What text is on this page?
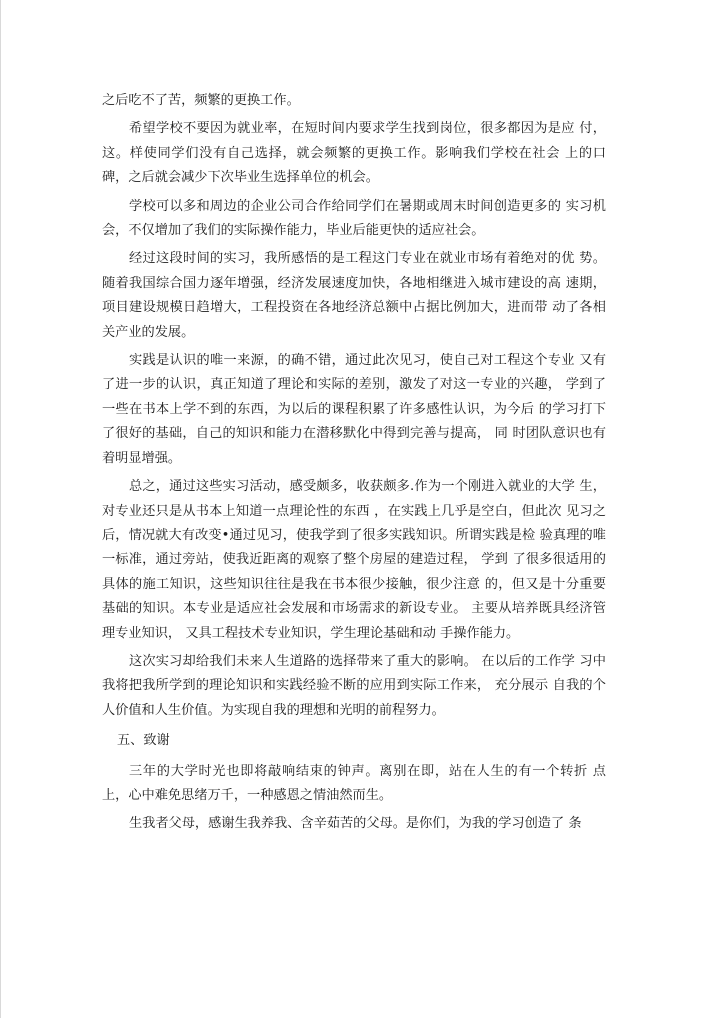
之后吃不了苦，频繁的更换工作。

希望学校不要因为就业率，在短时间内要求学生找到岗位，很多都因为是应 付，这。样使同学们没有自己选择，就会频繁的更换工作。影响我们学校在社会 上的口碑，之后就会减少下次毕业生选择单位的机会。

学校可以多和周边的企业公司合作给同学们在暑期或周末时间创造更多的 实习机会，不仅增加了我们的实际操作能力，毕业后能更快的适应社会。

经过这段时间的实习，我所感悟的是工程这门专业在就业市场有着绝对的优 势。随着我国综合国力逐年增强，经济发展速度加快，各地相继进入城市建设的高 速期，项目建设规模日趋增大，工程投资在各地经济总额中占据比例加大，进而带 动了各相关产业的发展。

实践是认识的唯一来源，的确不错，通过此次见习，使自己对工程这个专业 又有了进一步的认识，真正知道了理论和实际的差别，激发了对这一专业的兴趣， 学到了一些在书本上学不到的东西，为以后的课程积累了许多感性认识，为今后 的学习打下了很好的基础，自己的知识和能力在潜移默化中得到完善与提高， 同 时团队意识也有着明显增强。

总之，通过这些实习活动，感受颇多，收获颇多.作为一个刚进入就业的大学 生，对专业还只是从书本上知道一点理论性的东西 ，在实践上几乎是空白，但此次 见习之后，情况就大有改变•通过见习，使我学到了很多实践知识。所谓实践是检 验真理的唯一标准，通过旁站，使我近距离的观察了整个房屋的建造过程， 学到 了很多很适用的具体的施工知识，这些知识往往是我在书本很少接触，很少注意 的，但又是十分重要基础的知识。本专业是适应社会发展和市场需求的新设专业。 主要从培养既具经济管理专业知识， 又具工程技术专业知识，学生理论基础和动 手操作能力。

这次实习却给我们未来人生道路的选择带来了重大的影响。 在以后的工作学 习中我将把我所学到的理论知识和实践经验不断的应用到实际工作来， 充分展示 自我的个人价值和人生价值。为实现自我的理想和光明的前程努力。

五、致谢

三年的大学时光也即将敲响结束的钟声。离别在即，站在人生的有一个转折 点上，心中难免思绪万千，一种感恩之情油然而生。

生我者父母，感谢生我养我、含辛茹苦的父母。是你们，为我的学习创造了 条
